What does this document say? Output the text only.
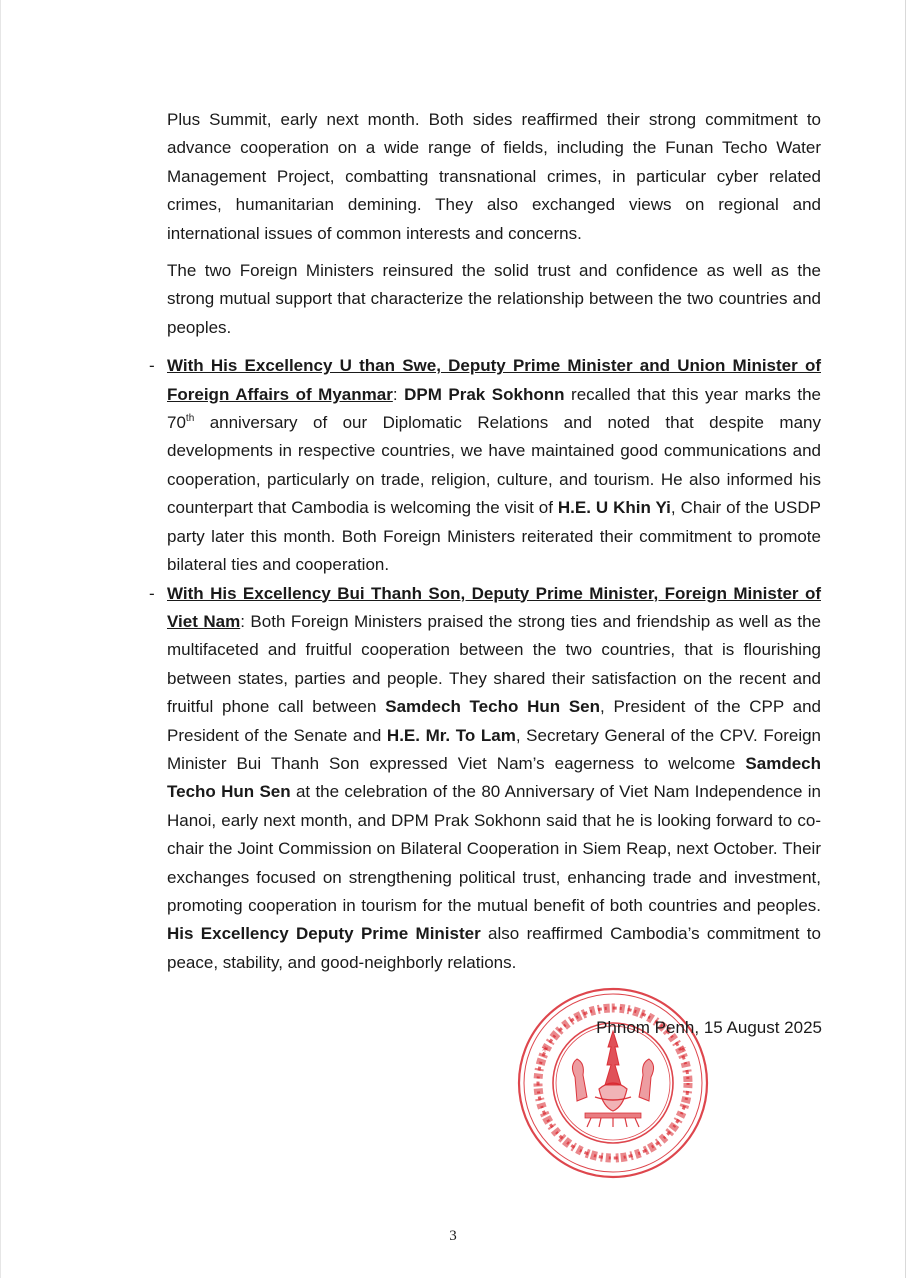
Plus Summit, early next month. Both sides reaffirmed their strong commitment to advance cooperation on a wide range of fields, including the Funan Techo Water Management Project, combatting transnational crimes, in particular cyber related crimes, humanitarian demining. They also exchanged views on regional and international issues of common interests and concerns.

The two Foreign Ministers reinsured the solid trust and confidence as well as the strong mutual support that characterize the relationship between the two countries and peoples.

- With His Excellency U than Swe, Deputy Prime Minister and Union Minister of Foreign Affairs of Myanmar: DPM Prak Sokhonn recalled that this year marks the 70th anniversary of our Diplomatic Relations and noted that despite many developments in respective countries, we have maintained good communications and cooperation, particularly on trade, religion, culture, and tourism. He also informed his counterpart that Cambodia is welcoming the visit of H.E. U Khin Yi, Chair of the USDP party later this month. Both Foreign Ministers reiterated their commitment to promote bilateral ties and cooperation.

- With His Excellency Bui Thanh Son, Deputy Prime Minister, Foreign Minister of Viet Nam: Both Foreign Ministers praised the strong ties and friendship as well as the multifaceted and fruitful cooperation between the two countries, that is flourishing between states, parties and people. They shared their satisfaction on the recent and fruitful phone call between Samdech Techo Hun Sen, President of the CPP and President of the Senate and H.E. Mr. To Lam, Secretary General of the CPV. Foreign Minister Bui Thanh Son expressed Viet Nam’s eagerness to welcome Samdech Techo Hun Sen at the celebration of the 80 Anniversary of Viet Nam Independence in Hanoi, early next month, and DPM Prak Sokhonn said that he is looking forward to co-chair the Joint Commission on Bilateral Cooperation in Siem Reap, next October. Their exchanges focused on strengthening political trust, enhancing trade and investment, promoting cooperation in tourism for the mutual benefit of both countries and peoples. His Excellency Deputy Prime Minister also reaffirmed Cambodia’s commitment to peace, stability, and good-neighborly relations.

*	*
Phnom Penh, 15 August 2025
3
